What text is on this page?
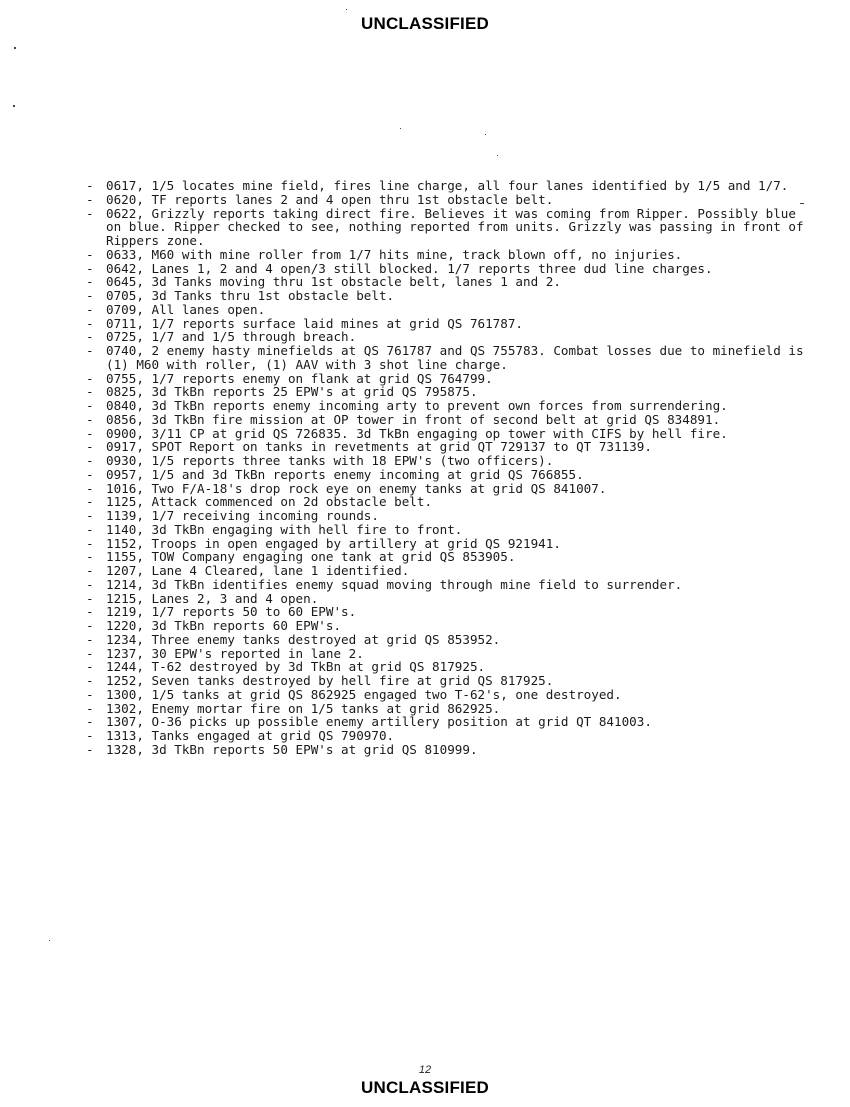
UNCLASSIFIED
- 0617, 1/5 locates mine field, fires line charge, all four lanes identified by 1/5 and 1/7.
- 0620, TF reports lanes 2 and 4 open thru 1st obstacle belt.
- 0622, Grizzly reports taking direct fire. Believes it was coming from Ripper. Possibly blue on blue. Ripper checked to see, nothing reported from units. Grizzly was passing in front of Rippers zone.
- 0633, M60 with mine roller from 1/7 hits mine, track blown off, no injuries.
- 0642, Lanes 1, 2 and 4 open/3 still blocked. 1/7 reports three dud line charges.
- 0645, 3d Tanks moving thru 1st obstacle belt, lanes 1 and 2.
- 0705, 3d Tanks thru 1st obstacle belt.
- 0709, All lanes open.
- 0711, 1/7 reports surface laid mines at grid QS 761787.
- 0725, 1/7 and 1/5 through breach.
- 0740, 2 enemy hasty minefields at QS 761787 and QS 755783. Combat losses due to minefield is (1) M60 with roller, (1) AAV with 3 shot line charge.
- 0755, 1/7 reports enemy on flank at grid QS 764799.
- 0825, 3d TkBn reports 25 EPW's at grid QS 795875.
- 0840, 3d TkBn reports enemy incoming arty to prevent own forces from surrendering.
- 0856, 3d TkBn fire mission at OP tower in front of second belt at grid QS 834891.
- 0900, 3/11 CP at grid QS 726835. 3d TkBn engaging op tower with CIFS by hell fire.
- 0917, SPOT Report on tanks in revetments at grid QT 729137 to QT 731139.
- 0930, 1/5 reports three tanks with 18 EPW's (two officers).
- 0957, 1/5 and 3d TkBn reports enemy incoming at grid QS 766855.
- 1016, Two F/A-18's drop rock eye on enemy tanks at grid QS 841007.
- 1125, Attack commenced on 2d obstacle belt.
- 1139, 1/7 receiving incoming rounds.
- 1140, 3d TkBn engaging with hell fire to front.
- 1152, Troops in open engaged by artillery at grid QS 921941.
- 1155, TOW Company engaging one tank at grid QS 853905.
- 1207, Lane 4 Cleared, lane 1 identified.
- 1214, 3d TkBn identifies enemy squad moving through mine field to surrender.
- 1215, Lanes 2, 3 and 4 open.
- 1219, 1/7 reports 50 to 60 EPW's.
- 1220, 3d TkBn reports 60 EPW's.
- 1234, Three enemy tanks destroyed at grid QS 853952.
- 1237, 30 EPW's reported in lane 2.
- 1244, T-62 destroyed by 3d TkBn at grid QS 817925.
- 1252, Seven tanks destroyed by hell fire at grid QS 817925.
- 1300, 1/5 tanks at grid QS 862925 engaged two T-62's, one destroyed.
- 1302, Enemy mortar fire on 1/5 tanks at grid 862925.
- 1307, O-36 picks up possible enemy artillery position at grid QT 841003.
- 1313, Tanks engaged at grid QS 790970.
- 1328, 3d TkBn reports 50 EPW's at grid QS 810999.
12
UNCLASSIFIED
